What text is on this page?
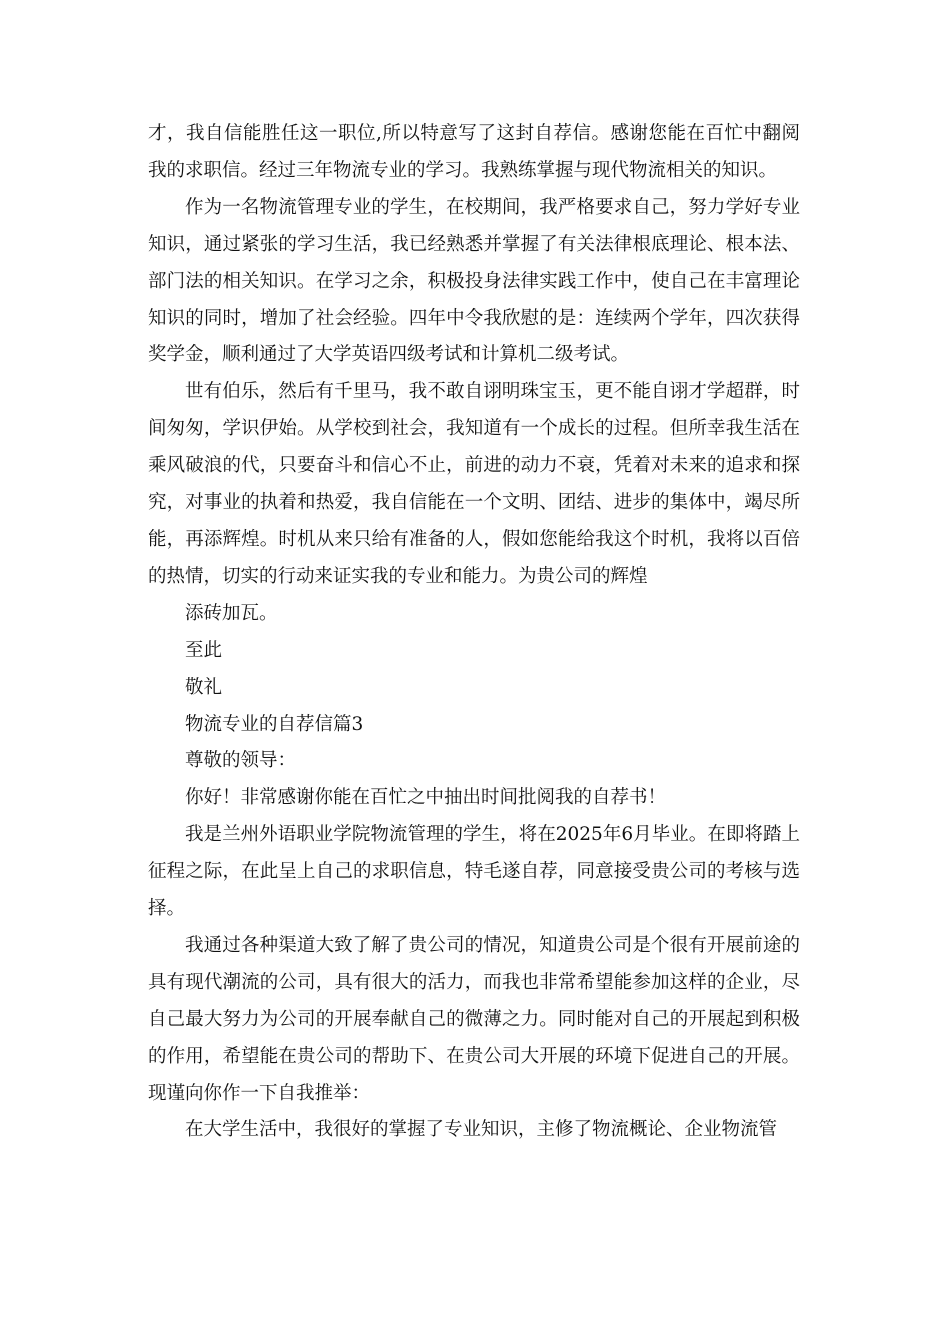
才，我自信能胜任这一职位,所以特意写了这封自荐信。感谢您能在百忙中翻阅我的求职信。经过三年物流专业的学习。我熟练掌握与现代物流相关的知识。

作为一名物流管理专业的学生，在校期间，我严格要求自己，努力学好专业知识，通过紧张的学习生活，我已经熟悉并掌握了有关法律根底理论、根本法、部门法的相关知识。在学习之余，积极投身法律实践工作中，使自己在丰富理论知识的同时，增加了社会经验。四年中令我欣慰的是：连续两个学年，四次获得奖学金，顺利通过了大学英语四级考试和计算机二级考试。

世有伯乐，然后有千里马，我不敢自诩明珠宝玉，更不能自诩才学超群，时间匆匆，学识伊始。从学校到社会，我知道有一个成长的过程。但所幸我生活在乘风破浪的代，只要奋斗和信心不止，前进的动力不衰，凭着对未来的追求和探究，对事业的执着和热爱，我自信能在一个文明、团结、进步的集体中，竭尽所能，再添辉煌。时机从来只给有准备的人，假如您能给我这个时机，我将以百倍的热情，切实的行动来证实我的专业和能力。为贵公司的辉煌

添砖加瓦。

至此

敬礼

物流专业的自荐信篇3

尊敬的领导：

你好！非常感谢你能在百忙之中抽出时间批阅我的自荐书！

我是兰州外语职业学院物流管理的学生，将在2025年6月毕业。在即将踏上征程之际，在此呈上自己的求职信息，特毛遂自荐，同意接受贵公司的考核与选择。

我通过各种渠道大致了解了贵公司的情况，知道贵公司是个很有开展前途的具有现代潮流的公司，具有很大的活力，而我也非常希望能参加这样的企业，尽自己最大努力为公司的开展奉献自己的微薄之力。同时能对自己的开展起到积极的作用，希望能在贵公司的帮助下、在贵公司大开展的环境下促进自己的开展。现谨向你作一下自我推举：

在大学生活中，我很好的掌握了专业知识，主修了物流概论、企业物流管
